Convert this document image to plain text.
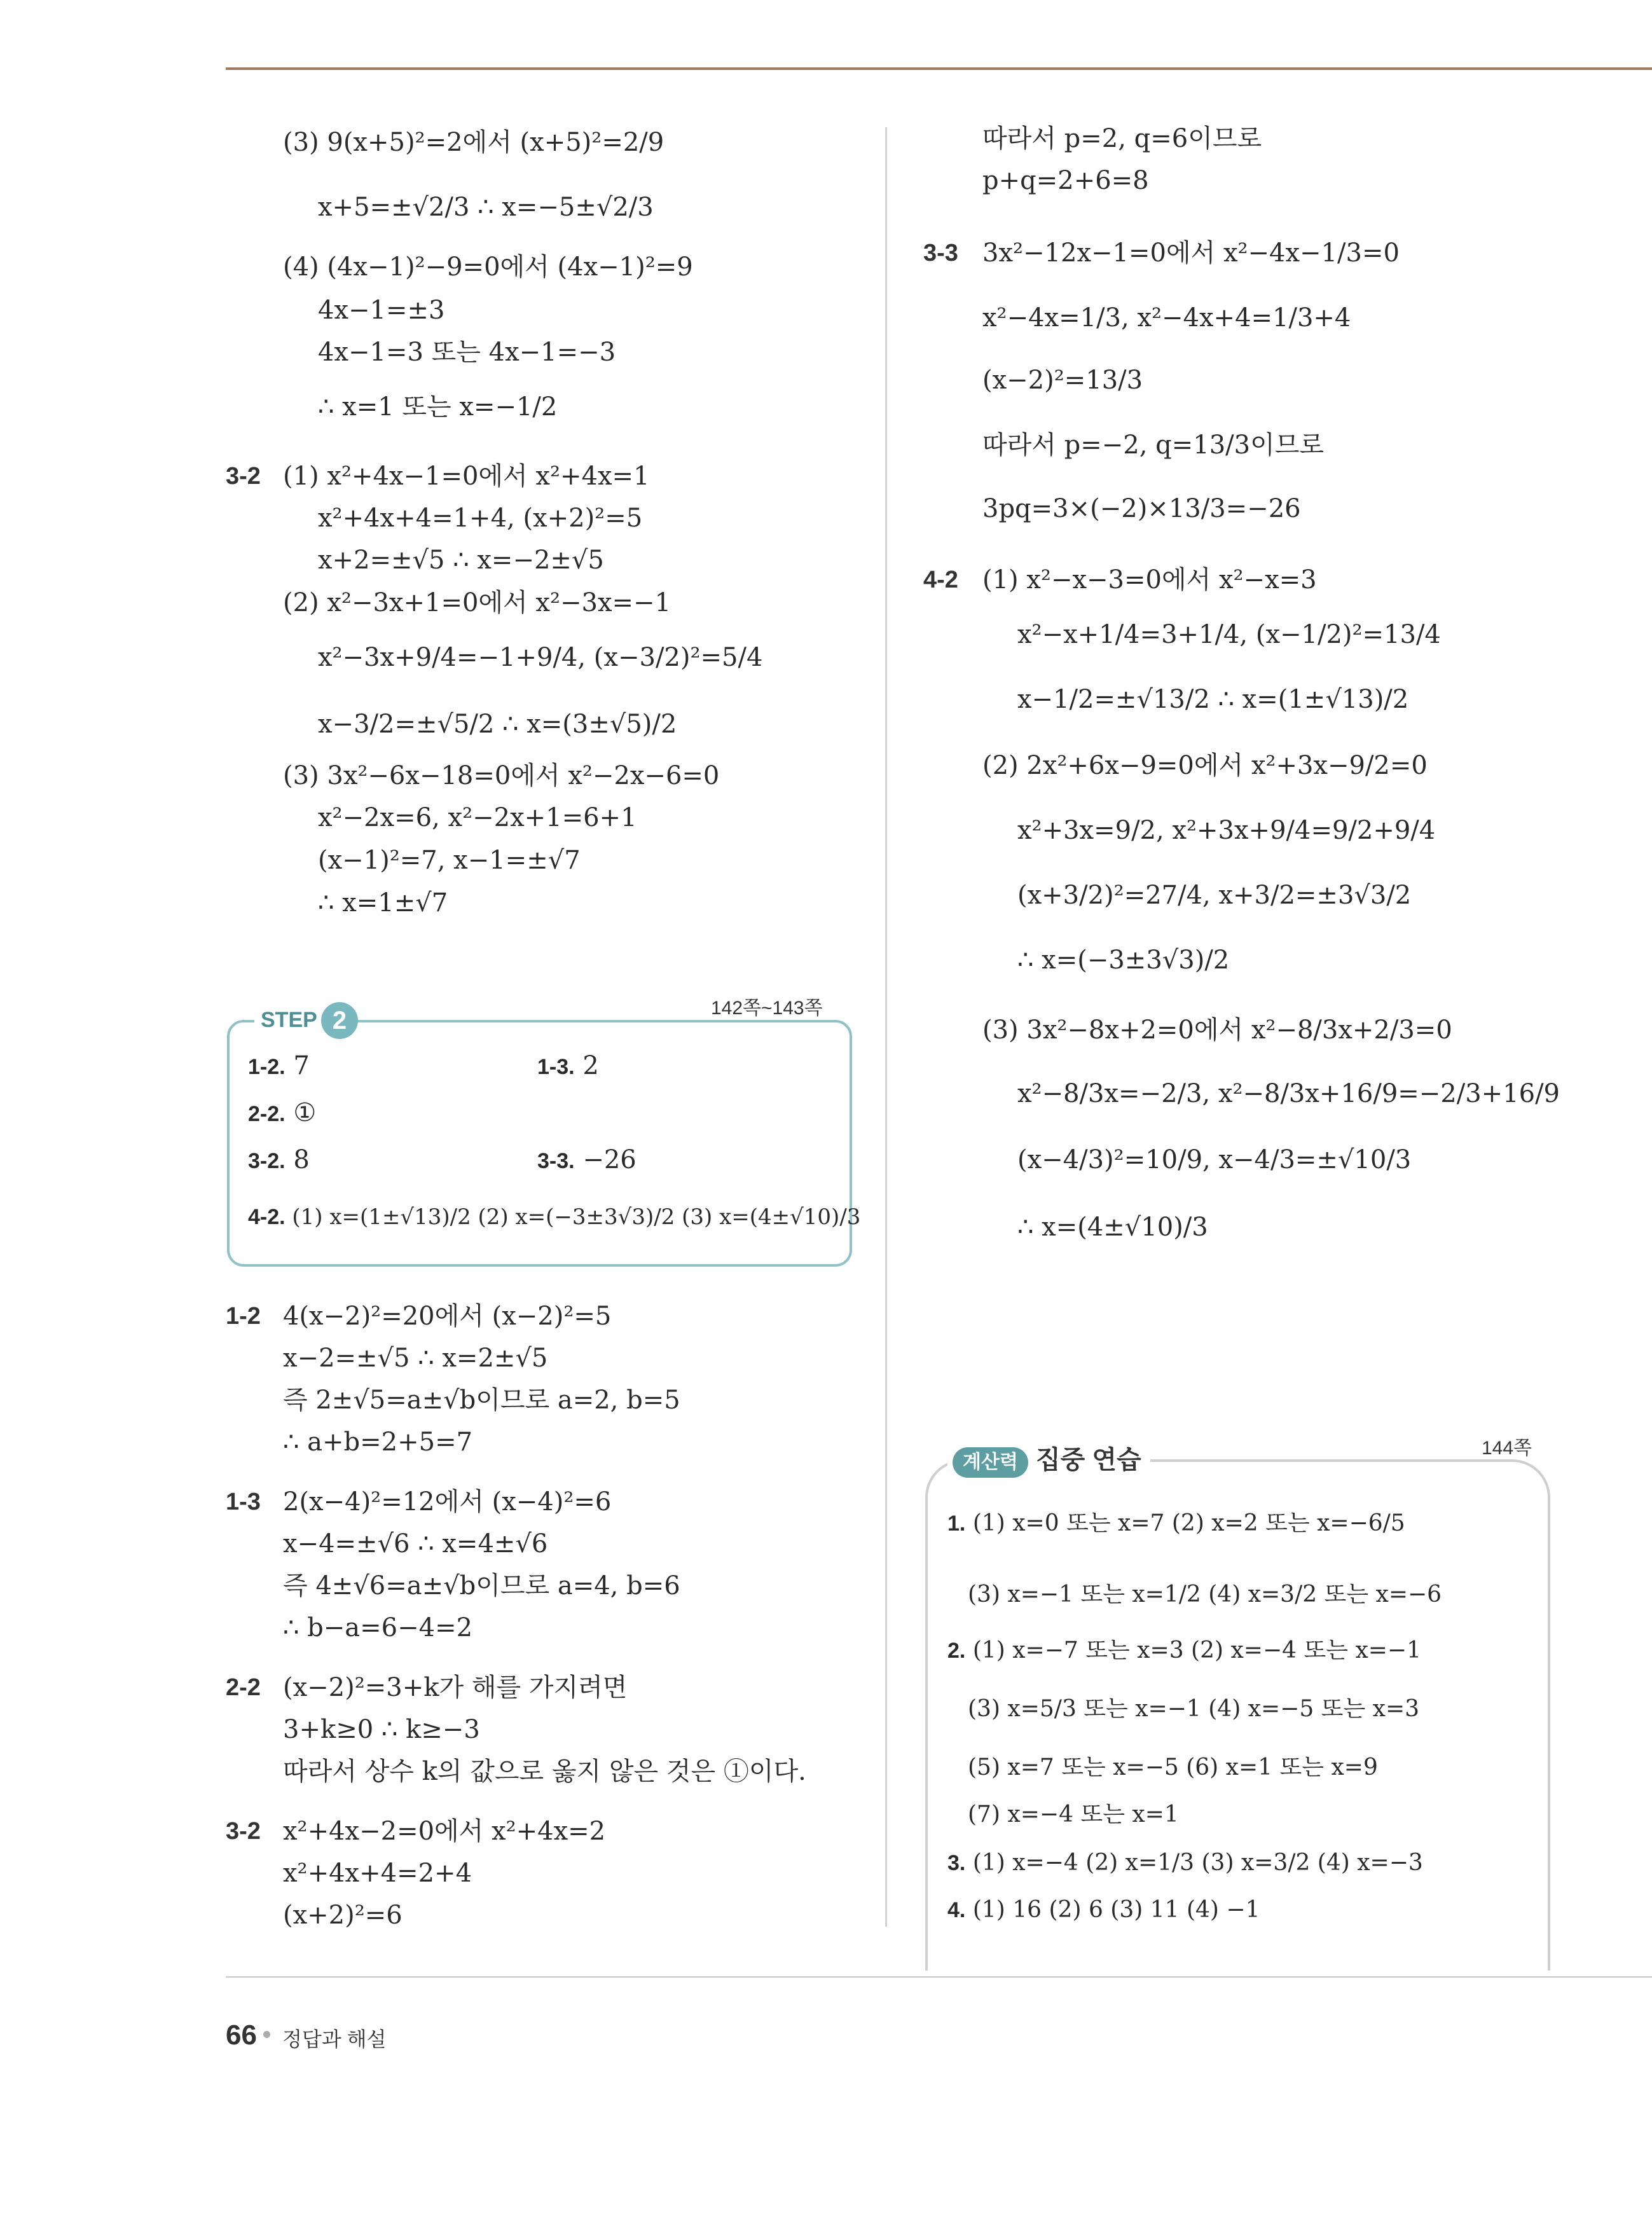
(3) 9(x+5)²=2에서 (x+5)²=2/9
x+5=±√2/3 ∴ x=−5±√2/3
(4) (4x−1)²−9=0에서 (4x−1)²=9
4x−1=±3
4x−1=3 또는 4x−1=−3
∴ x=1 또는 x=−1/2
3-2 (1) x²+4x−1=0에서 x²+4x=1
x²+4x+4=1+4, (x+2)²=5
x+2=±√5 ∴ x=−2±√5
(2) x²−3x+1=0에서 x²−3x=−1
x²−3x+9/4=−1+9/4, (x−3/2)²=5/4
x−3/2=±√5/2 ∴ x=(3±√5)/2
(3) 3x²−6x−18=0에서 x²−2x−6=0
x²−2x=6, x²−2x+1=6+1
(x−1)²=7, x−1=±√7
∴ x=1±√7
STEP 2	142쪽~143쪽
1-2. 7	1-3. 2
2-2. ①
3-2. 8	3-3. −26
4-2. (1) x=(1±√13)/2 (2) x=(−3±3√3)/2 (3) x=(4±√10)/3
1-2 4(x−2)²=20에서 (x−2)²=5
x−2=±√5 ∴ x=2±√5
즉 2±√5=a±√b이므로 a=2, b=5
∴ a+b=2+5=7
1-3 2(x−4)²=12에서 (x−4)²=6
x−4=±√6 ∴ x=4±√6
즉 4±√6=a±√b이므로 a=4, b=6
∴ b−a=6−4=2
2-2 (x−2)²=3+k가 해를 가지려면
3+k≥0 ∴ k≥−3
따라서 상수 k의 값으로 옳지 않은 것은 ①이다.
3-2 x²+4x−2=0에서 x²+4x=2
x²+4x+4=2+4
(x+2)²=6
따라서 p=2, q=6이므로
p+q=2+6=8
3-3 3x²−12x−1=0에서 x²−4x−1/3=0
x²−4x=1/3, x²−4x+4=1/3+4
(x−2)²=13/3
따라서 p=−2, q=13/3이므로
3pq=3×(−2)×13/3=−26
4-2 (1) x²−x−3=0에서 x²−x=3
x²−x+1/4=3+1/4, (x−1/2)²=13/4
x−1/2=±√13/2 ∴ x=(1±√13)/2
(2) 2x²+6x−9=0에서 x²+3x−9/2=0
x²+3x=9/2, x²+3x+9/4=9/2+9/4
(x+3/2)²=27/4, x+3/2=±3√3/2
∴ x=(−3±3√3)/2
(3) 3x²−8x+2=0에서 x²−8/3x+2/3=0
x²−8/3x=−2/3, x²−8/3x+16/9=−2/3+16/9
(x−4/3)²=10/9, x−4/3=±√10/3
∴ x=(4±√10)/3
계산력 집중 연습	144쪽
1. (1) x=0 또는 x=7 (2) x=2 또는 x=−6/5
(3) x=−1 또는 x=1/2 (4) x=3/2 또는 x=−6
2. (1) x=−7 또는 x=3 (2) x=−4 또는 x=−1
(3) x=5/3 또는 x=−1 (4) x=−5 또는 x=3
(5) x=7 또는 x=−5 (6) x=1 또는 x=9
(7) x=−4 또는 x=1
3. (1) x=−4 (2) x=1/3 (3) x=3/2 (4) x=−3
4. (1) 16 (2) 6 (3) 11 (4) −1
66 정답과 해설
